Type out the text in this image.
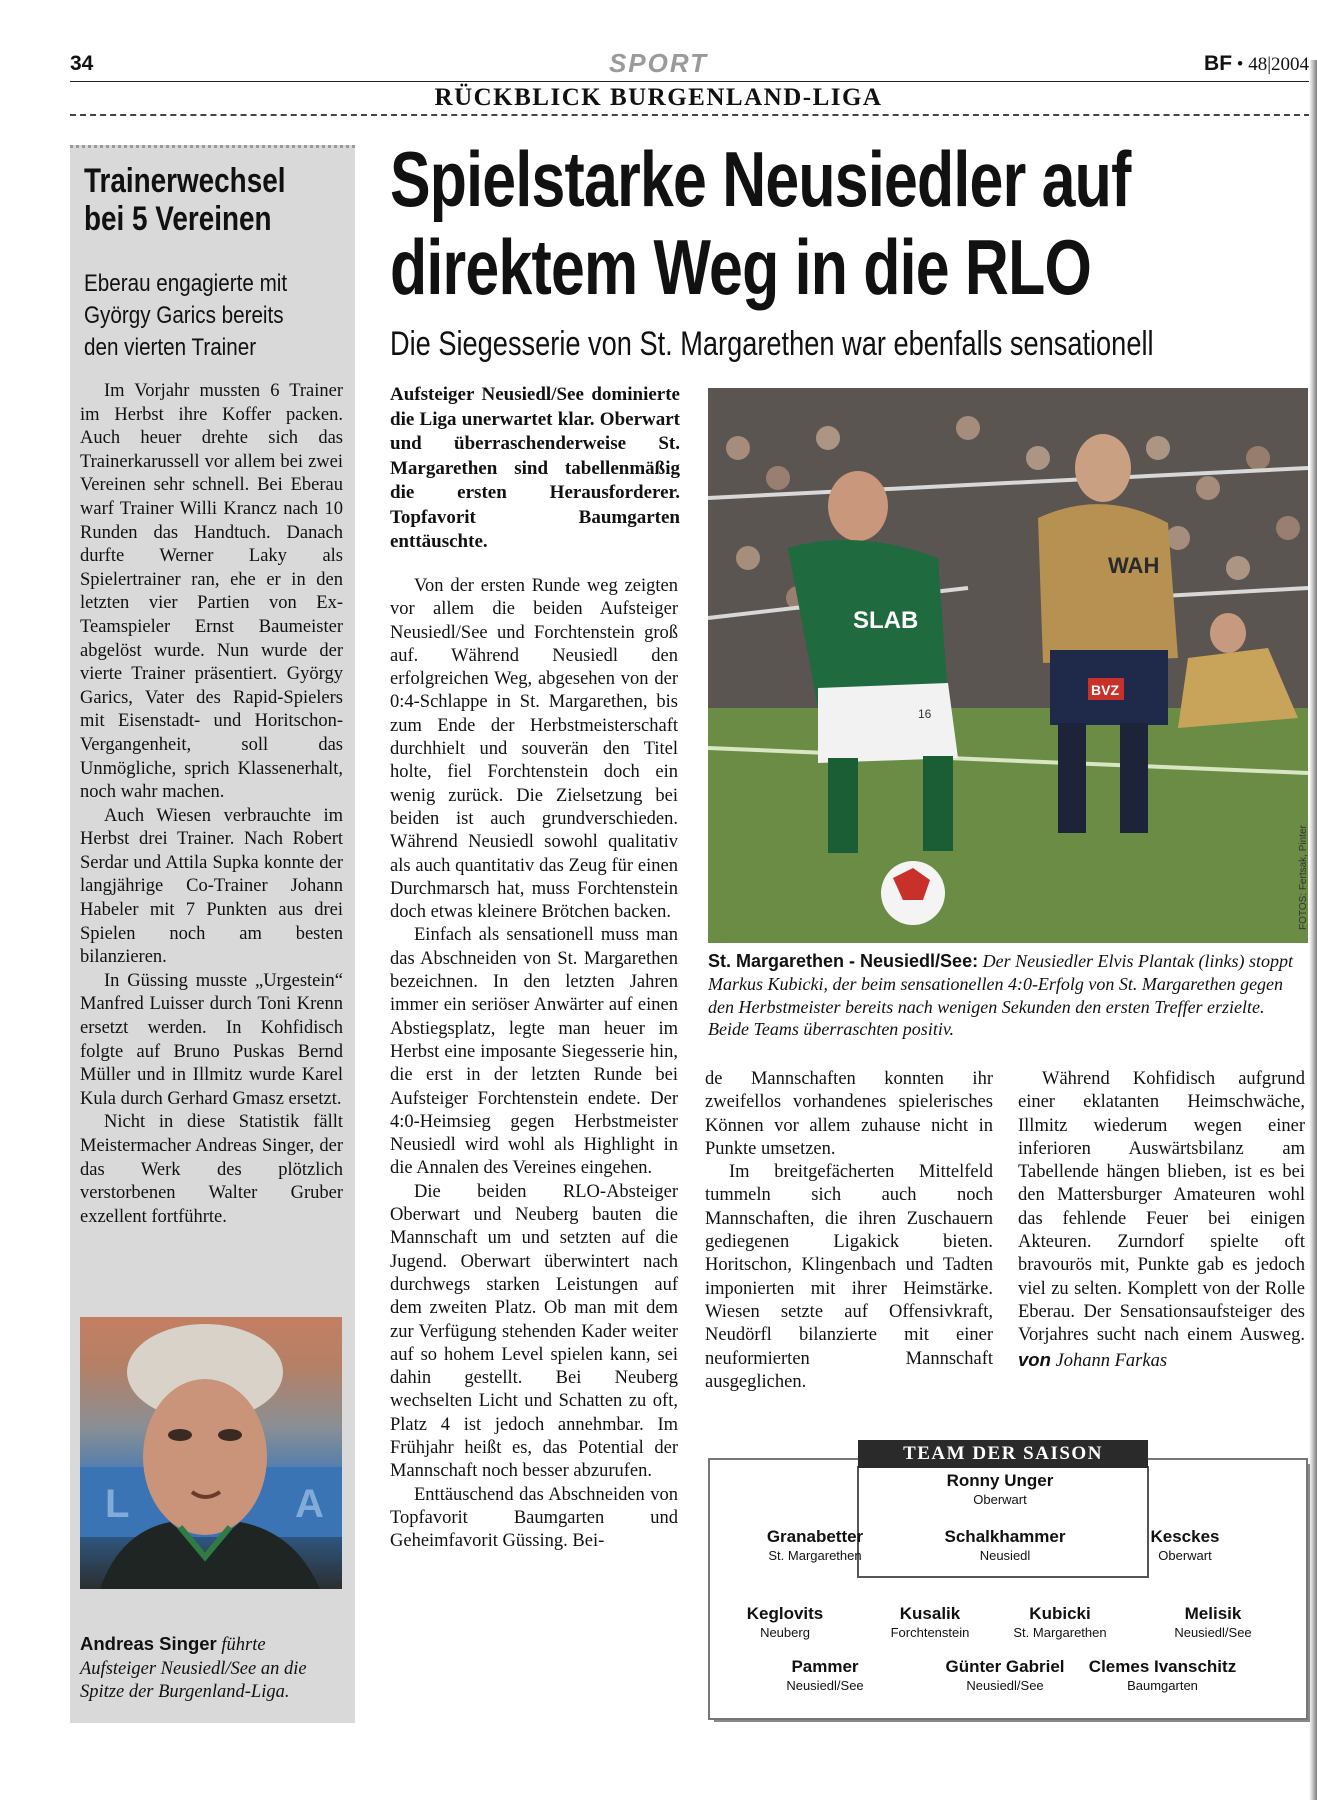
34	SPORT	BF • 48|2004
RÜCKBLICK BURGENLAND-LIGA
Trainerwechsel
bei 5 Vereinen
Eberau engagierte mit
György Garics bereits
den vierten Trainer

Im Vorjahr mussten 6 Trainer im Herbst ihre Koffer packen. Auch heuer drehte sich das Trainerkarussell vor allem bei zwei Vereinen sehr schnell. Bei Eberau warf Trainer Willi Krancz nach 10 Runden das Handtuch. Danach durfte Werner Laky als Spielertrainer ran, ehe er in den letzten vier Partien von Ex-Teamspieler Ernst Baumeister abgelöst wurde. Nun wurde der vierte Trainer präsentiert. György Garics, Vater des Rapid-Spielers mit Eisenstadt- und Horitschon-Vergangenheit, soll das Unmögliche, sprich Klassenerhalt, noch wahr machen.

Auch Wiesen verbrauchte im Herbst drei Trainer. Nach Robert Serdar und Attila Supka konnte der langjährige Co-Trainer Johann Habeler mit 7 Punkten aus drei Spielen noch am besten bilanzieren.

In Güssing musste „Urgestein“ Manfred Luisser durch Toni Krenn ersetzt werden. In Kohfidisch folgte auf Bruno Puskas Bernd Müller und in Illmitz wurde Karel Kula durch Gerhard Gmasz ersetzt.

Nicht in diese Statistik fällt Meistermacher Andreas Singer, der das Werk des plötzlich verstorbenen Walter Gruber exzellent fortführte.

L	A
Andreas Singer führte Aufsteiger Neusiedl/See an die Spitze der Burgenland-Liga.
Spielstarke Neusiedler auf
direktem Weg in die RLO
Die Siegesserie von St. Margarethen war ebenfalls sensationell
Aufsteiger Neusiedl/See dominierte die Liga unerwartet klar. Oberwart und überraschenderweise St. Margarethen sind tabellenmäßig die ersten Herausforderer. Topfavorit Baumgarten enttäuschte.

Von der ersten Runde weg zeigten vor allem die beiden Aufsteiger Neusiedl/See und Forchtenstein groß auf. Während Neusiedl den erfolgreichen Weg, abgesehen von der 0:4-Schlappe in St. Margarethen, bis zum Ende der Herbstmeisterschaft durchhielt und souverän den Titel holte, fiel Forchtenstein doch ein wenig zurück. Die Zielsetzung bei beiden ist auch grundverschieden. Während Neusiedl sowohl qualitativ als auch quantitativ das Zeug für einen Durchmarsch hat, muss Forchtenstein doch etwas kleinere Brötchen backen.

Einfach als sensationell muss man das Abschneiden von St. Margarethen bezeichnen. In den letzten Jahren immer ein seriöser Anwärter auf einen Abstiegsplatz, legte man heuer im Herbst eine imposante Siegesserie hin, die erst in der letzten Runde bei Aufsteiger Forchtenstein endete. Der 4:0-Heimsieg gegen Herbstmeister Neusiedl wird wohl als Highlight in die Annalen des Vereines eingehen.

Die beiden RLO-Absteiger Oberwart und Neuberg bauten die Mannschaft um und setzten auf die Jugend. Oberwart überwintert nach durchwegs starken Leistungen auf dem zweiten Platz. Ob man mit dem zur Verfügung stehenden Kader weiter auf so hohem Level spielen kann, sei dahin gestellt. Bei Neuberg wechselten Licht und Schatten zu oft, Platz 4 ist jedoch annehmbar. Im Frühjahr heißt es, das Potential der Mannschaft noch besser abzurufen.

Enttäuschend das Abschneiden von Topfavorit Baumgarten und Geheimfavorit Güssing. Bei-

WAH
BVZ
SLAB
16
FOTOS: Fertsak, Pinter
St. Margarethen - Neusiedl/See: Der Neusiedler Elvis Plantak (links) stoppt Markus Kubicki, der beim sensationellen 4:0-Erfolg von St. Margarethen gegen den Herbstmeister bereits nach wenigen Sekunden den ersten Treffer erzielte. Beide Teams überraschten positiv.

de Mannschaften konnten ihr zweifellos vorhandenes spielerisches Können vor allem zuhause nicht in Punkte umsetzen.

Im breitgefächerten Mittelfeld tummeln sich auch noch Mannschaften, die ihren Zuschauern gediegenen Ligakick bieten. Horitschon, Klingenbach und Tadten imponierten mit ihrer Heimstärke. Wiesen setzte auf Offensivkraft, Neudörfl bilanzierte mit einer neuformierten Mannschaft ausgeglichen.

Während Kohfidisch aufgrund einer eklatanten Heimschwäche, Illmitz wiederum wegen einer inferioren Auswärtsbilanz am Tabellende hängen blieben, ist es bei den Mattersburger Amateuren wohl das fehlende Feuer bei einigen Akteuren. Zurndorf spielte oft bravourös mit, Punkte gab es jedoch viel zu selten. Komplett von der Rolle Eberau. Der Sensationsaufsteiger des Vorjahres sucht nach einem Ausweg. von Johann Farkas

TEAM DER SAISON
Ronny Unger
Oberwart
Granabetter
St. Margarethen
Schalkhammer
Neusiedl
Kesckes
Oberwart
Keglovits
Neuberg
Kusalik
Forchtenstein
Kubicki
St. Margarethen
Melisik
Neusiedl/See
Pammer
Neusiedl/See
Günter Gabriel
Neusiedl/See
Clemes Ivanschitz
Baumgarten
